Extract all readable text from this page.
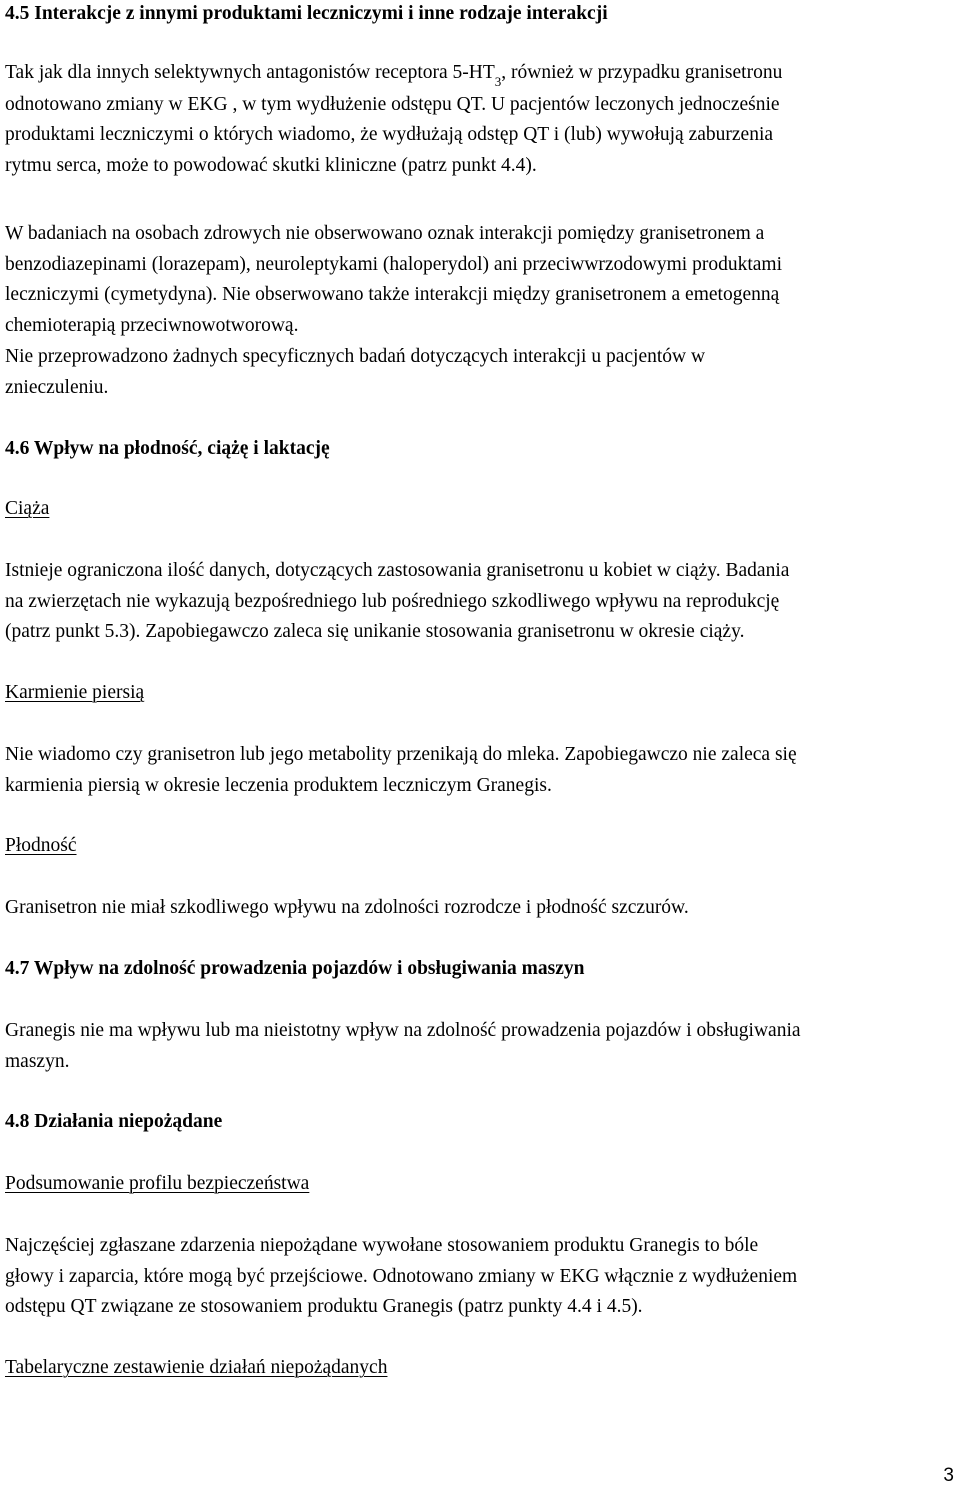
4.5 Interakcje z innymi produktami leczniczymi i inne rodzaje interakcji
Tak jak dla innych selektywnych antagonistów receptora $5-HT_3$, również w przypadku granisetronu
odnotowano zmiany w EKG , w tym wydłużenie odstępu QT. U pacjentów leczonych jednocześnie
produktami leczniczymi o których wiadomo, że wydłużają odstęp QT i (lub) wywołują zaburzenia
rytmu serca, może to powodować skutki kliniczne (patrz punkt 4.4).
W badaniach na osobach zdrowych nie obserwowano oznak interakcji pomiędzy granisetronem a
benzodiazepinami (lorazepam), neuroleptykami (haloperydol) ani przeciwwrzodowymi produktami
leczniczymi (cymetydyna). Nie obserwowano także interakcji między granisetronem a emetogenną
chemioterapią przeciwnowotworową.
Nie przeprowadzono żadnych specyficznych badań dotyczących interakcji u pacjentów w
znieczuleniu.
4.6 Wpływ na płodność, ciążę i laktację
Ciąża
Istnieje ograniczona ilość danych, dotyczących zastosowania granisetronu u kobiet w ciąży. Badania
na zwierzętach nie wykazują bezpośredniego lub pośredniego szkodliwego wpływu na reprodukcję
(patrz punkt 5.3). Zapobiegawczo zaleca się unikanie stosowania granisetronu w okresie ciąży.
Karmienie piersią
Nie wiadomo czy granisetron lub jego metabolity przenikają do mleka. Zapobiegawczo nie zaleca się
karmienia piersią w okresie leczenia produktem leczniczym Granegis.
Płodność
Granisetron nie miał szkodliwego wpływu na zdolności rozrodcze i płodność szczurów.
4.7 Wpływ na zdolność prowadzenia pojazdów i obsługiwania maszyn
Granegis nie ma wpływu lub ma nieistotny wpływ na zdolność prowadzenia pojazdów i obsługiwania
maszyn.
4.8 Działania niepożądane
Podsumowanie profilu bezpieczeństwa
Najczęściej zgłaszane zdarzenia niepożądane wywołane stosowaniem produktu Granegis to bóle
głowy i zaparcia, które mogą być przejściowe. Odnotowano zmiany w EKG włącznie z wydłużeniem
odstępu QT związane ze stosowaniem produktu Granegis (patrz punkty 4.4 i 4.5).
Tabelaryczne zestawienie działań niepożądanych
3
